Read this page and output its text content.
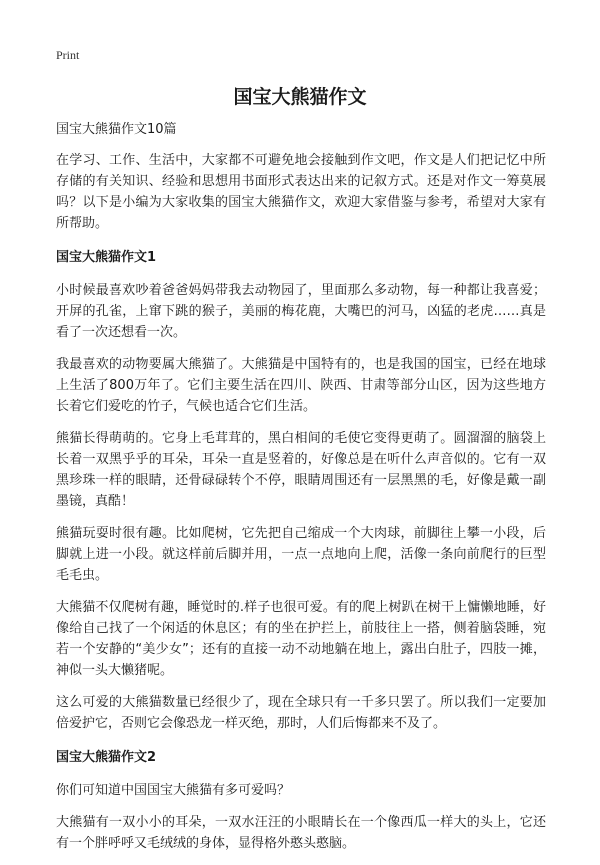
Print
国宝大熊猫作文
国宝大熊猫作文10篇

在学习、工作、生活中，大家都不可避免地会接触到作文吧，作文是人们把记忆中所存储的有关知识、经验和思想用书面形式表达出来的记叙方式。还是对作文一筹莫展吗？以下是小编为大家收集的国宝大熊猫作文，欢迎大家借鉴与参考，希望对大家有所帮助。

国宝大熊猫作文1

小时候最喜欢吵着爸爸妈妈带我去动物园了，里面那么多动物，每一种都让我喜爱；开屏的孔雀，上窜下跳的猴子，美丽的梅花鹿，大嘴巴的河马，凶猛的老虎……真是看了一次还想看一次。

我最喜欢的动物要属大熊猫了。大熊猫是中国特有的，也是我国的国宝，已经在地球上生活了800万年了。它们主要生活在四川、陕西、甘肃等部分山区，因为这些地方长着它们爱吃的竹子，气候也适合它们生活。

熊猫长得萌萌的。它身上毛茸茸的，黑白相间的毛使它变得更萌了。圆溜溜的脑袋上长着一双黑乎乎的耳朵，耳朵一直是竖着的，好像总是在听什么声音似的。它有一双黑珍珠一样的眼睛，还骨碌碌转个不停，眼睛周围还有一层黑黑的毛，好像是戴一副墨镜，真酷！

熊猫玩耍时很有趣。比如爬树，它先把自己缩成一个大肉球，前脚往上攀一小段，后脚就上进一小段。就这样前后脚并用，一点一点地向上爬，活像一条向前爬行的巨型毛毛虫。

大熊猫不仅爬树有趣，睡觉时的.样子也很可爱。有的爬上树趴在树干上慵懒地睡，好像给自己找了一个闲适的休息区；有的坐在护拦上，前肢往上一搭，侧着脑袋睡，宛若一个安静的“美少女”；还有的直接一动不动地躺在地上，露出白肚子，四肢一摊，神似一头大懒猪呢。

这么可爱的大熊猫数量已经很少了，现在全球只有一千多只罢了。所以我们一定要加倍爱护它，否则它会像恐龙一样灭绝，那时，人们后悔都来不及了。

国宝大熊猫作文2

你们可知道中国国宝大熊猫有多可爱吗？

大熊猫有一双小小的耳朵，一双水汪汪的小眼睛长在一个像西瓜一样大的头上，它还有一个胖呼呼又毛绒绒的身体，显得格外憨头憨脑。
